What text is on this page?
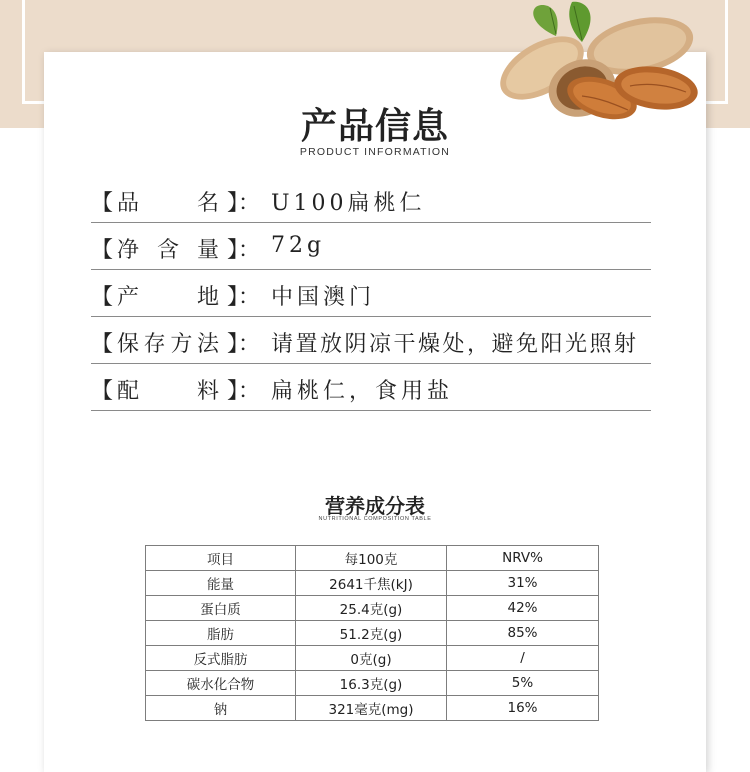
产品信息
PRODUCT INFORMATION
【 品	名 】： U100扁桃仁
【 净 含 量 】： 72g
【 产	地 】： 中国澳门
【 保 存 方 法 】： 请置放阴凉干燥处，避免阳光照射
【 配	料 】： 扁桃仁，食用盐
营养成分表
NUTRITIONAL COMPOSITION TABLE
项目	每100克	NRV%
能量	2641千焦(kJ)	31%
蛋白质	25.4克(g)	42%
脂肪	51.2克(g)	85%
反式脂肪	0克(g)	/
碳水化合物	16.3克(g)	5%
钠	321毫克(mg)	16%
